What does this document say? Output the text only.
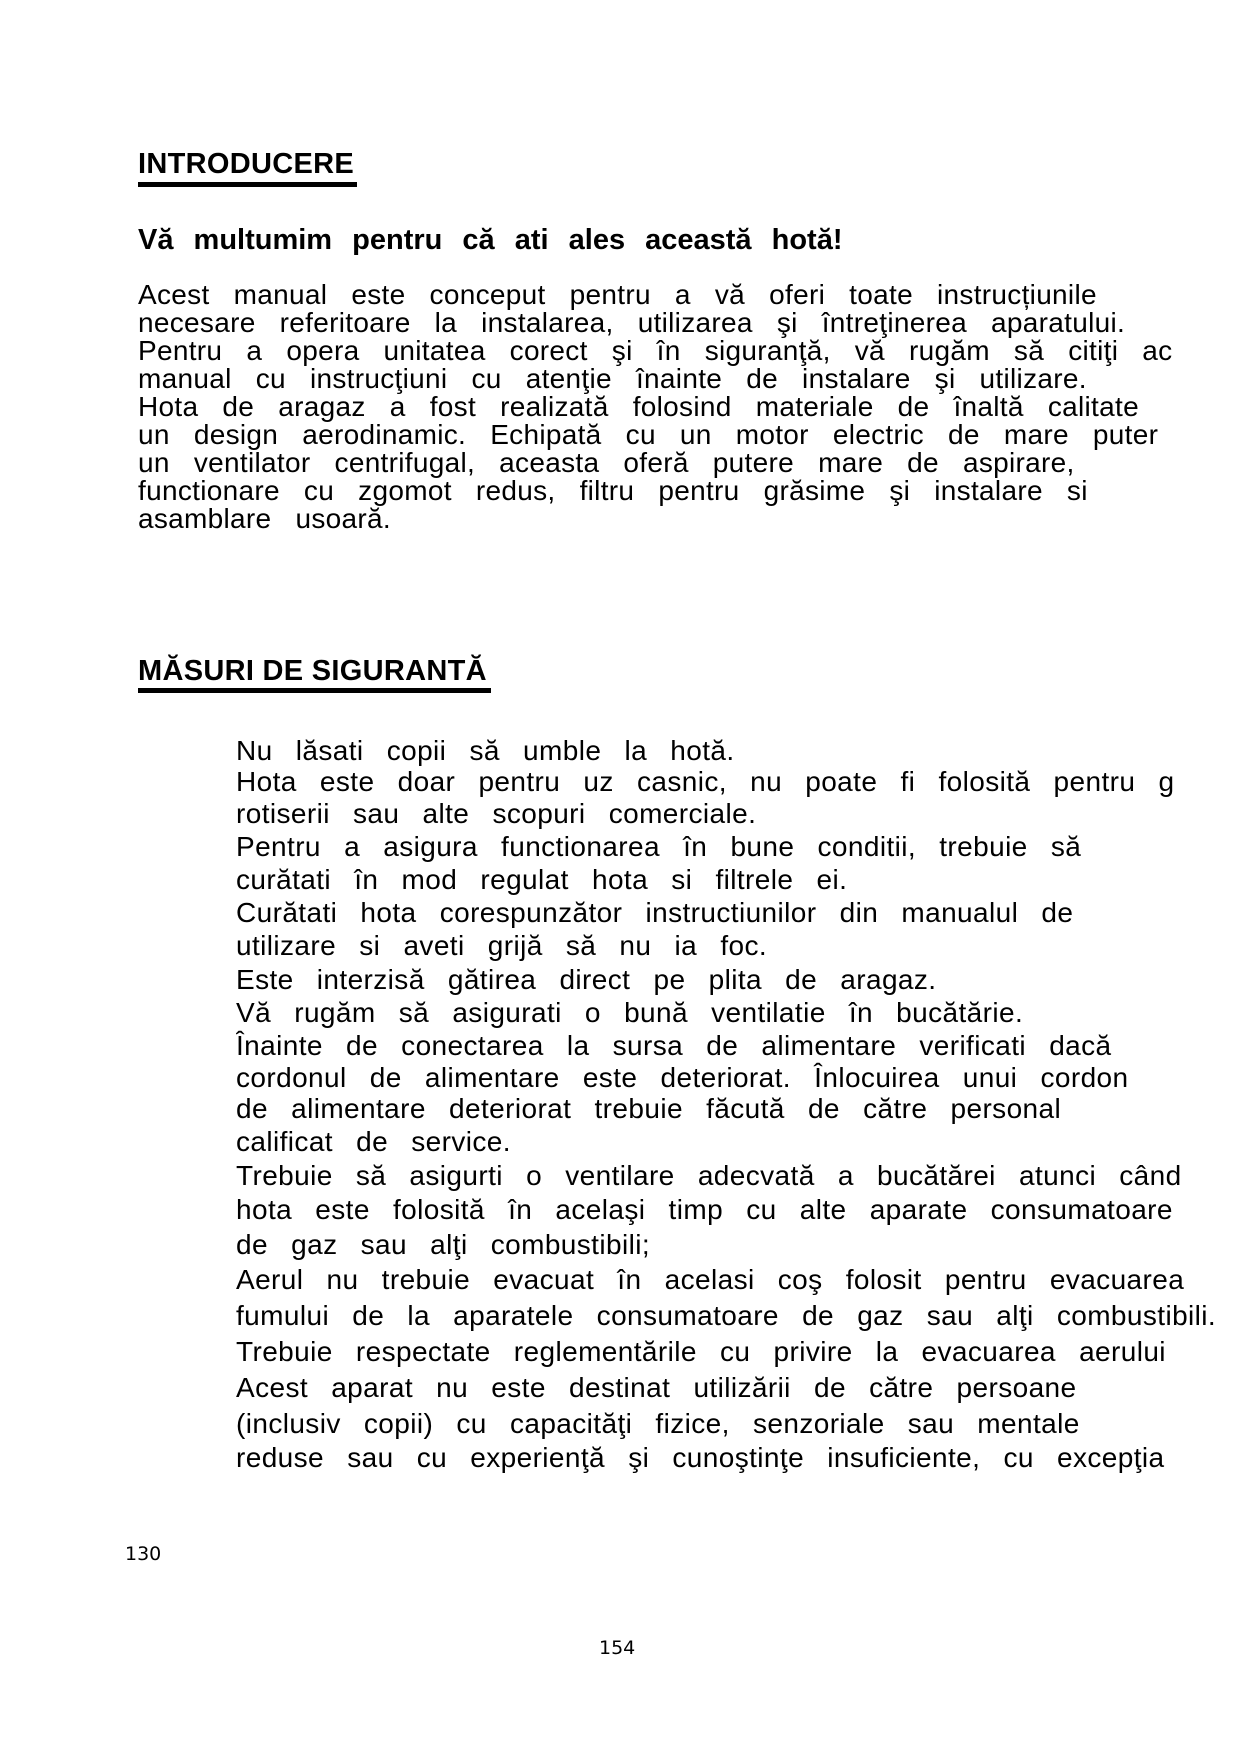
INTRODUCERE
Vă multumim pentru că ati ales această hotă!
Acest manual este conceput pentru a vă oferi toate instrucțiunile
necesare referitoare la instalarea, utilizarea şi întreţinerea aparatului.
Pentru a opera unitatea corect şi în siguranţă, vă rugăm să citiţi ac
manual cu instrucţiuni cu atenţie înainte de instalare şi utilizare.
Hota de aragaz a fost realizată folosind materiale de înaltă calitate
un design aerodinamic. Echipată cu un motor electric de mare puter
un ventilator centrifugal, aceasta oferă putere mare de aspirare,
functionare cu zgomot redus, filtru pentru grăsime şi instalare si
asamblare usoară.
MĂSURI DE SIGURANTĂ
Nu lăsati copii să umble la hotă.
Hota este doar pentru uz casnic, nu poate fi folosită pentru g
rotiserii sau alte scopuri comerciale.
Pentru a asigura functionarea în bune conditii, trebuie să
curătati în mod regulat hota si filtrele ei.
Curătati hota corespunzător instructiunilor din manualul de
utilizare si aveti grijă să nu ia foc.
Este interzisă gătirea direct pe plita de aragaz.
Vă rugăm să asigurati o bună ventilatie în bucătărie.
Înainte de conectarea la sursa de alimentare verificati dacă
cordonul de alimentare este deteriorat. Înlocuirea unui cordon
de alimentare deteriorat trebuie făcută de către personal
calificat de service.
Trebuie să asigurti o ventilare adecvată a bucătărei atunci când
hota este folosită în acelaşi timp cu alte aparate consumatoare
de gaz sau alţi combustibili;
Aerul nu trebuie evacuat în acelasi coş folosit pentru evacuarea
fumului de la aparatele consumatoare de gaz sau alţi combustibili.
Trebuie respectate reglementările cu privire la evacuarea aerului
Acest aparat nu este destinat utilizării de către persoane
(inclusiv copii) cu capacităţi fizice, senzoriale sau mentale
reduse sau cu experienţă şi cunoştinţe insuficiente, cu excepţia
130
154
